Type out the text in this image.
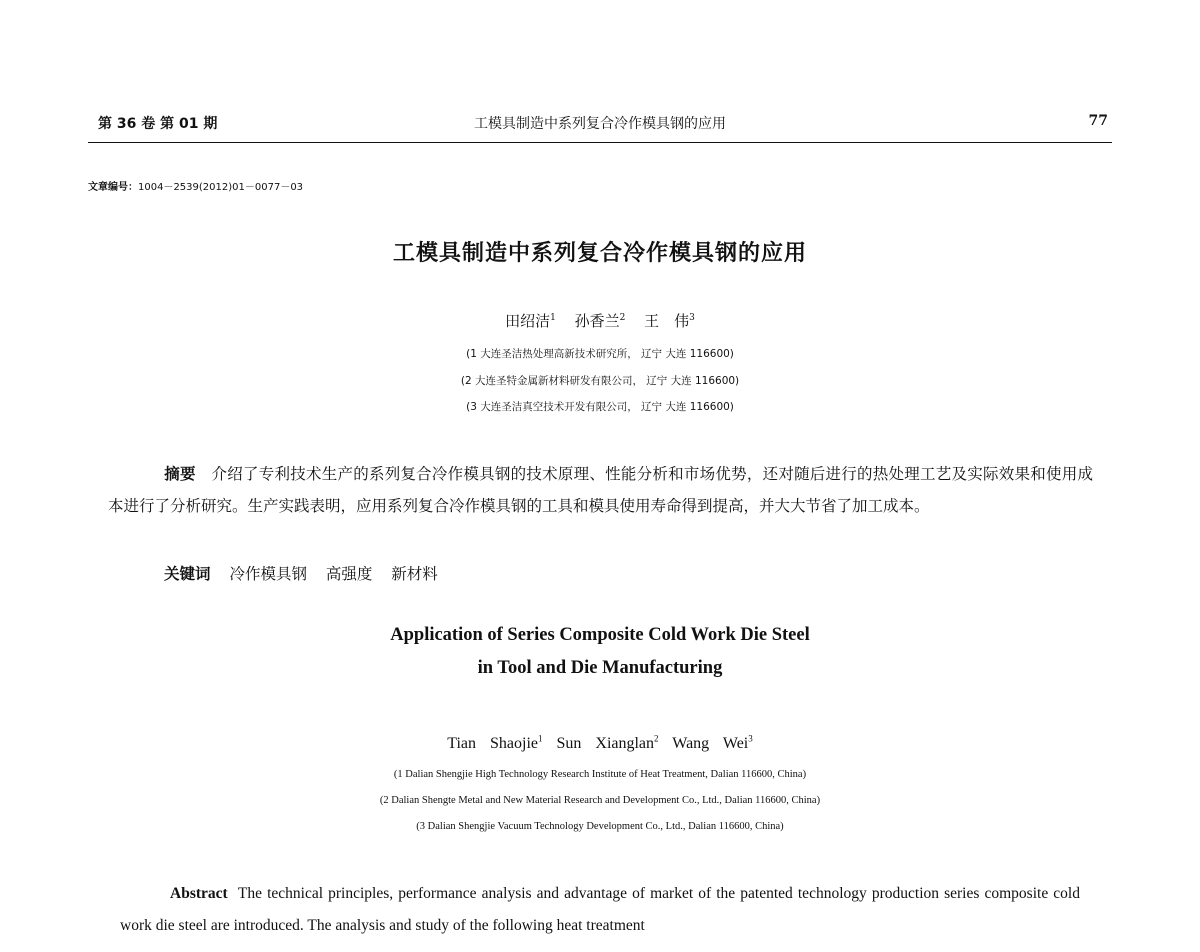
第 36 卷 第 01 期	工模具制造中系列复合冷作模具钢的应用	77
文章编号：1004－2539(2012)01－0077－03
工模具制造中系列复合冷作模具钢的应用
田绍洁$^1$ 孙香兰$^2$ 王　伟$^3$
(1 大连圣洁热处理高新技术研究所， 辽宁 大连 116600)
(2 大连圣特金属新材料研发有限公司， 辽宁 大连 116600)
(3 大连圣洁真空技术开发有限公司， 辽宁 大连 116600)
摘要　 介绍了专利技术生产的系列复合冷作模具钢的技术原理、性能分析和市场优势，还对随后进行的热处理工艺及实际效果和使用成本进行了分析研究。生产实践表明，应用系列复合冷作模具钢的工具和模具使用寿命得到提高，并大大节省了加工成本。
关键词 冷作模具钢 高强度 新材料
Application of Series Composite Cold Work Die Steel
in Tool and Die Manufacturing
Tian Shaojie$^1$ Sun Xianglan$^2$ Wang Wei$^3$
(1 Dalian Shengjie High Technology Research Institute of Heat Treatment, Dalian 116600, China)
(2 Dalian Shengte Metal and New Material Research and Development Co., Ltd., Dalian 116600, China)
(3 Dalian Shengjie Vacuum Technology Development Co., Ltd., Dalian 116600, China)
Abstract The technical principles, performance analysis and advantage of market of the patented technology production series composite cold work die steel are introduced. The analysis and study of the following heat treatment
